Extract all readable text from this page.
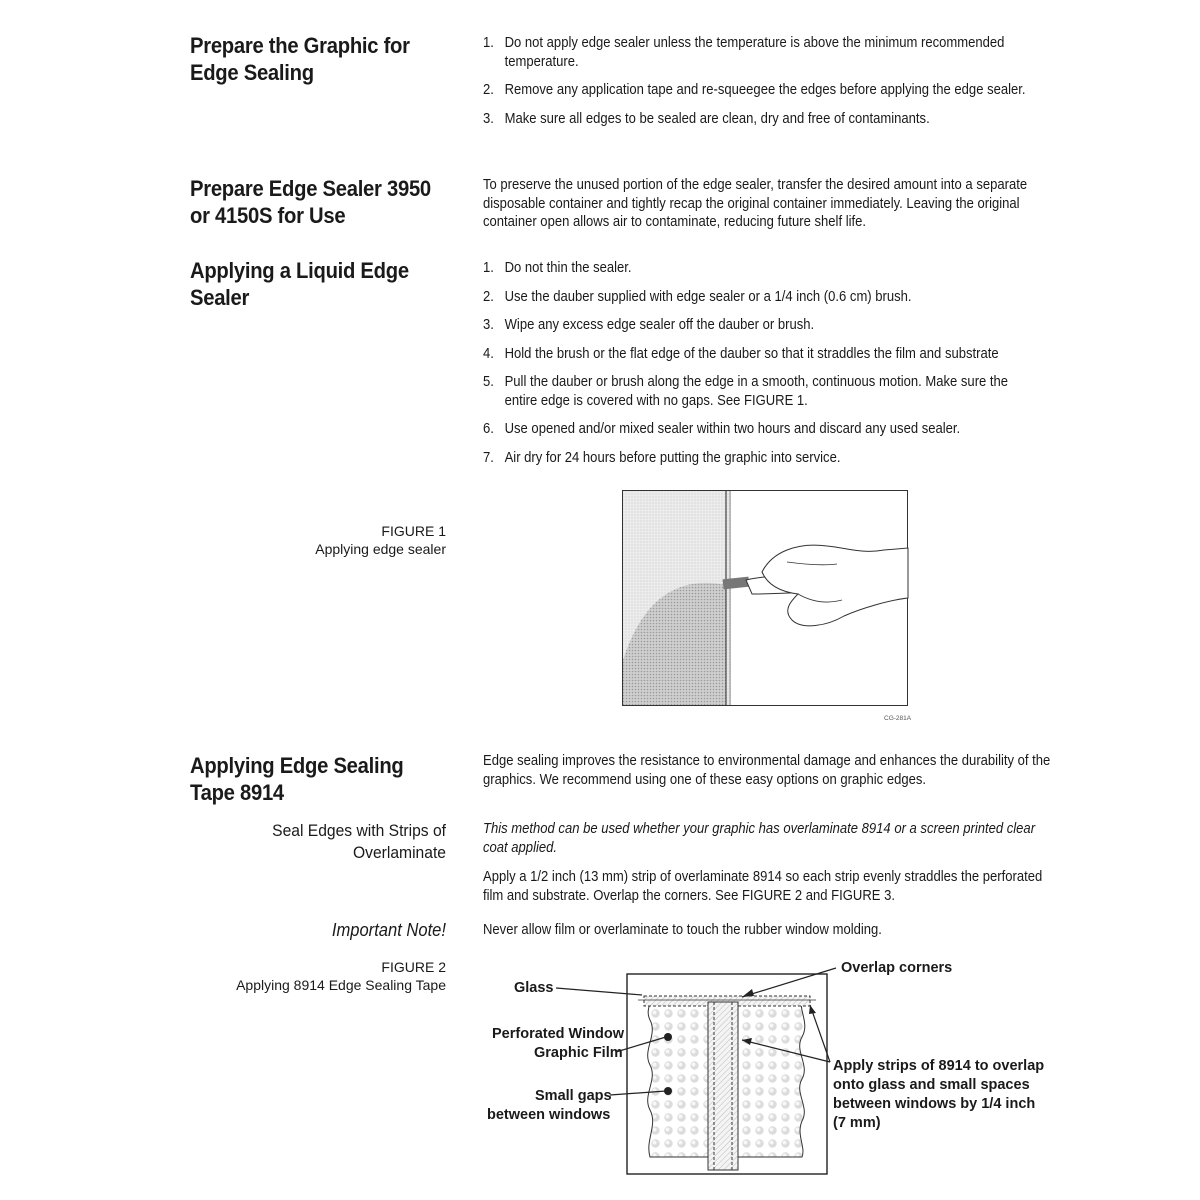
Prepare the Graphic for
Edge Sealing
1. Do not apply edge sealer unless the temperature is above the minimum recommended temperature.
2. Remove any application tape and re-squeegee the edges before applying the edge sealer.
3. Make sure all edges to be sealed are clean, dry and free of contaminants.
Prepare Edge Sealer 3950
or 4150S for Use
To preserve the unused portion of the edge sealer, transfer the desired amount into a separate disposable container and tightly recap the original container immediately. Leaving the original container open allows air to contaminate, reducing future shelf life.
Applying a Liquid Edge
Sealer
1. Do not thin the sealer.
2. Use the dauber supplied with edge sealer or a 1/4 inch (0.6 cm) brush.
3. Wipe any excess edge sealer off the dauber or brush.
4. Hold the brush or the flat edge of the dauber so that it straddles the film and substrate
5. Pull the dauber or brush along the edge in a smooth, continuous motion. Make sure the entire edge is covered with no gaps. See FIGURE 1.
6. Use opened and/or mixed sealer within two hours and discard any used sealer.
7. Air dry for 24 hours before putting the graphic into service.
FIGURE 1
Applying edge sealer
CG-281A
Applying Edge Sealing
Tape 8914
Edge sealing improves the resistance to environmental damage and enhances the durability of the graphics. We recommend using one of these easy options on graphic edges.
Seal Edges with Strips of
Overlaminate
This method can be used whether your graphic has overlaminate 8914 or a screen printed clear coat applied.
Apply a 1/2 inch (13 mm) strip of overlaminate 8914 so each strip evenly straddles the perforated film and substrate. Overlap the corners. See FIGURE 2 and FIGURE 3.
Important Note!	Never allow film or overlaminate to touch the rubber window molding.
FIGURE 2
Applying 8914 Edge Sealing Tape	Glass
Overlap corners
Perforated Window
Graphic Film
Small gaps
between windows
Apply strips of 8914 to overlap
onto glass and small spaces
between windows by 1/4 inch
(7 mm)
